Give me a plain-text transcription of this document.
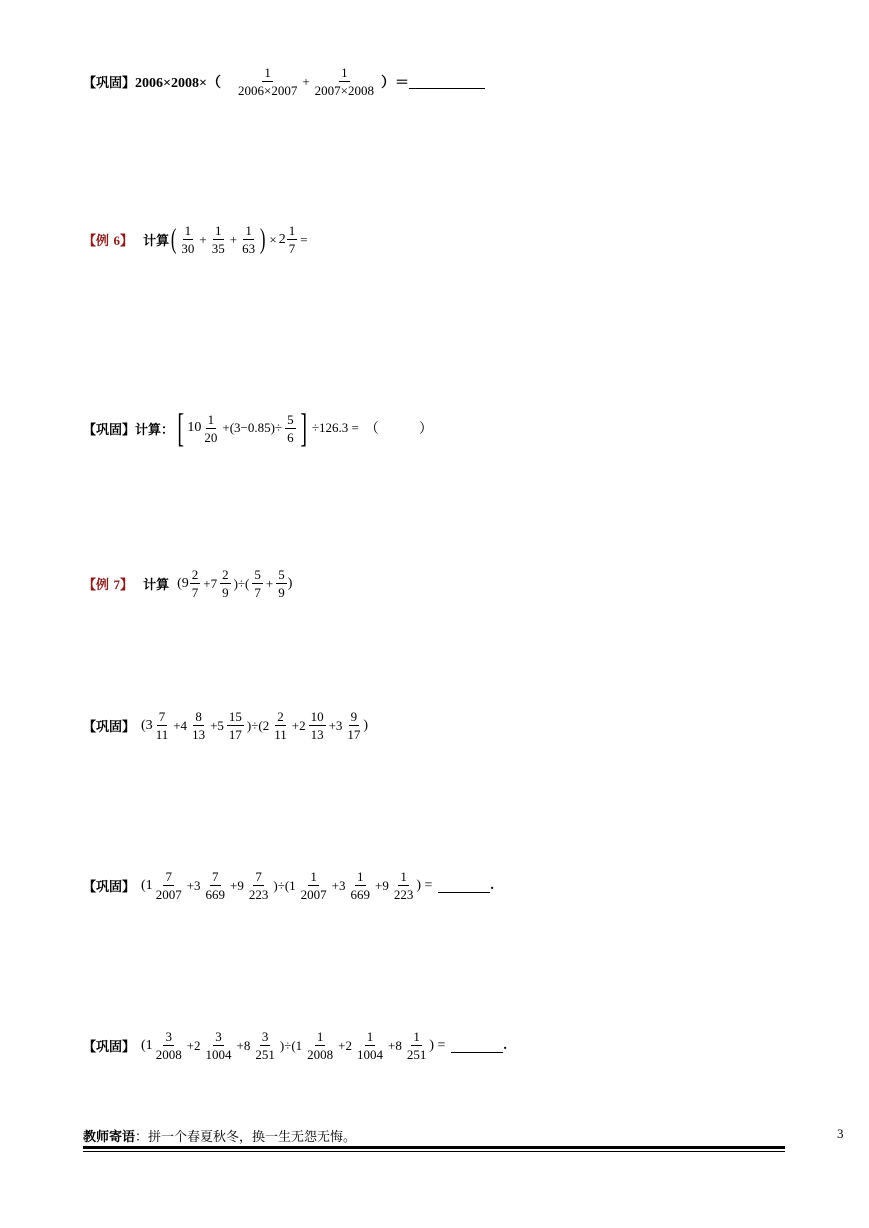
【巩固】 $2006\times 2008\times( \frac{1}{2006\times 2007} + \frac{1}{2007\times 2008}$ ）＝
【例 6】 计算 ( $\frac{1}{30} + \frac{1}{35} + \frac{1}{63}$ ) × $2 \frac{1}{7}$ =
【巩固】 计算： [ $10 \frac{1}{20} +(3-0.85)\div \frac{5}{6}$ ] ÷126.3 = （	）
【例 7】 计算 ($9 \frac{2}{7} +7 \frac{2}{9}$ )÷( $\frac{5}{7} + \frac{5}{9}$ )
【巩固】 $(3 \frac{7}{11} +4 \frac{8}{13} +5 \frac{15}{17} )\div(2 \frac{2}{11} +2 \frac{10}{13} +3 \frac{9}{17}$ )
【巩固】 $(1 \frac{7}{2007} +3 \frac{7}{669} +9 \frac{7}{223} )\div(1 \frac{1}{2007} +3 \frac{1}{669} +9 \frac{1}{223}$ ) =	.
【巩固】 $(1 \frac{3}{2008} +2 \frac{3}{1004} +8 \frac{3}{251} )\div(1 \frac{1}{2008} +2 \frac{1}{1004} +8 \frac{1}{251}$ ) =	.
教师寄语：拼一个春夏秋冬，换一生无怨无悔。	3
